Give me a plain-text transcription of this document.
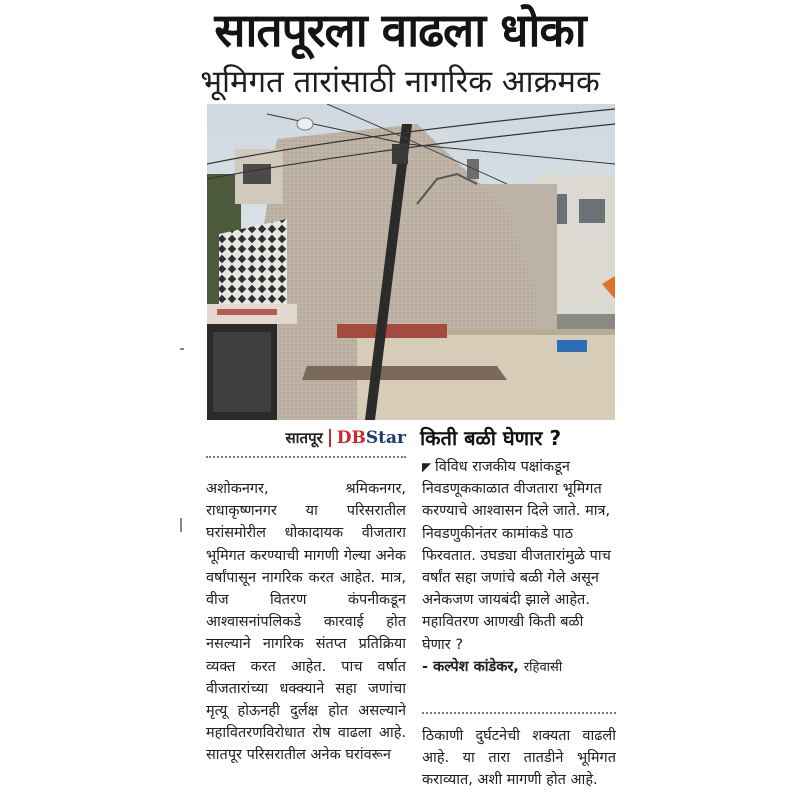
सातपूरला वाढला धोका
भूमिगत तारांसाठी नागरिक आक्रमक
सातपूर DB Star

अशोकनगर, श्रमिकनगर, राधाकृष्णनगर या परिसरातील घरांसमोरील धोकादायक वीजतारा भूमिगत करण्याची मागणी गेल्या अनेक वर्षांपासून नागरिक करत आहेत. मात्र, वीज वितरण कंपनीकडून आश्वासनांपलिकडे कारवाई होत नसल्याने नागरिक संतप्त प्रतिक्रिया व्यक्त करत आहेत. पाच वर्षात वीजतारांच्या धक्क्याने सहा जणांचा मृत्यू होऊनही दुर्लक्ष होत असल्याने महावितरणविरोधात रोष वाढला आहे. सातपूर परिसरातील अनेक घरांवरून

किती बळी घेणार ?

◤ विविध राजकीय पक्षांकडून निवडणूककाळात वीजतारा भूमिगत करण्याचे आश्वासन दिले जाते. मात्र, निवडणुकीनंतर कामांकडे पाठ फिरवतात. उघड्या वीजतारांमुळे पाच वर्षांत सहा जणांचे बळी गेले असून अनेकजण जायबंदी झाले आहेत. महावितरण आणखी किती बळी घेणार ?

- कल्पेश कांडेकर, रहिवासी

ठिकाणी दुर्घटनेची शक्यता वाढली आहे. या तारा तातडीने भूमिगत कराव्यात, अशी मागणी होत आहे.
